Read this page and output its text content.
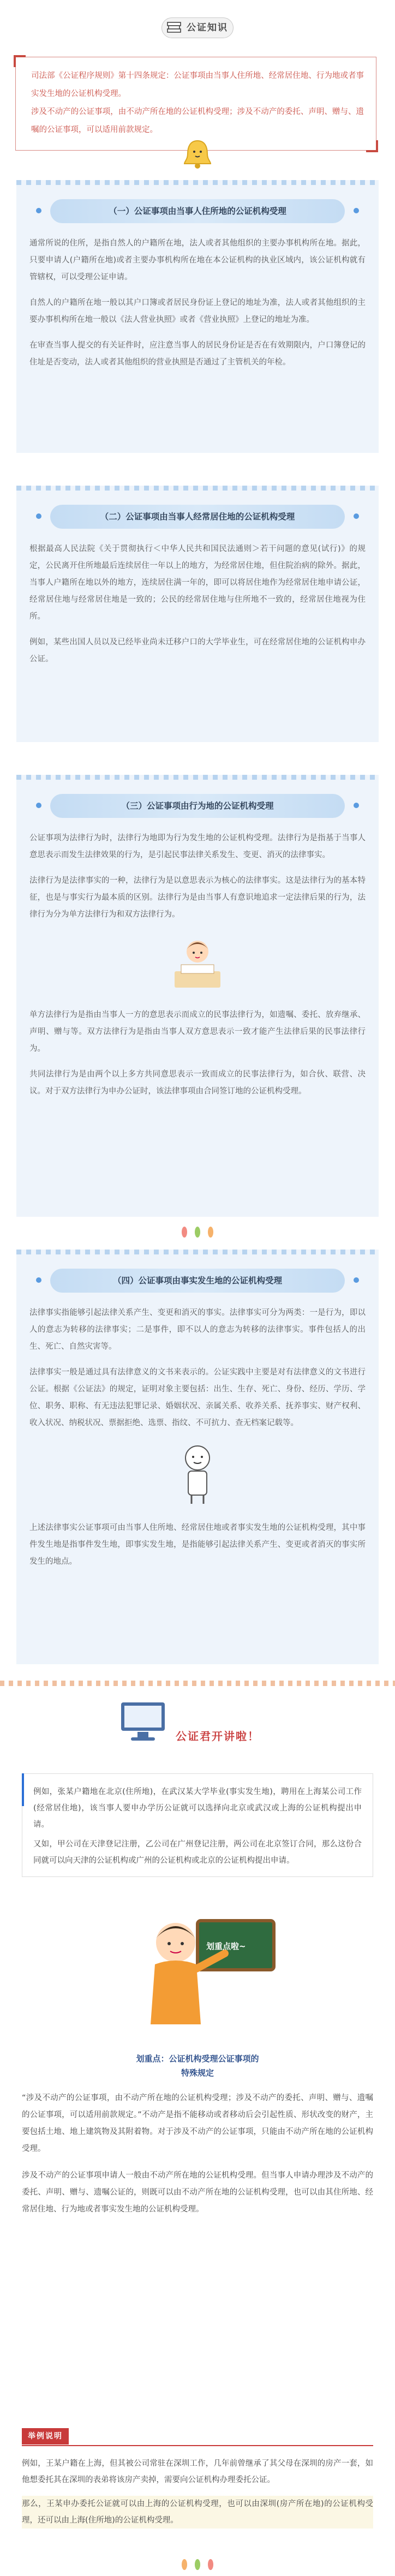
公证知识

司法部《公证程序规则》第十四条规定：公证事项由当事人住所地、经常居住地、行为地或者事实发生地的公证机构受理。

涉及不动产的公证事项，由不动产所在地的公证机构受理；涉及不动产的委托、声明、赠与、遗嘱的公证事项，可以适用前款规定。

（一）公证事项由当事人住所地的公证机构受理

通常所说的住所，是指自然人的户籍所在地，法人或者其他组织的主要办事机构所在地。据此，只要申请人(户籍所在地)或者主要办事机构所在地在本公证机构的执业区域内，该公证机构就有管辖权，可以受理公证申请。

自然人的户籍所在地一般以其户口簿或者居民身份证上登记的地址为准，法人或者其他组织的主要办事机构所在地一般以《法人营业执照》或者《营业执照》上登记的地址为准。

在审查当事人提交的有关证件时，应注意当事人的居民身份证是否在有效期限内，户口簿登记的住址是否变动，法人或者其他组织的营业执照是否通过了主管机关的年检。

（二）公证事项由当事人经常居住地的公证机构受理

根据最高人民法院《关于贯彻执行＜中华人民共和国民法通则＞若干问题的意见(试行)》的规定，公民离开住所地最后连续居住一年以上的地方，为经常居住地，但住院治病的除外。据此，当事人户籍所在地以外的地方，连续居住满一年的，即可以将居住地作为经常居住地申请公证，经常居住地与经常居住地是一致的；公民的经常居住地与住所地不一致的，经常居住地视为住所。

例如，某些出国人员以及已经毕业尚未迁移户口的大学毕业生，可在经常居住地的公证机构申办公证。

（三）公证事项由行为地的公证机构受理

公证事项为法律行为时，法律行为地即为行为发生地的公证机构受理。法律行为是指基于当事人意思表示而发生法律效果的行为，是引起民事法律关系发生、变更、消灭的法律事实。

法律行为是法律事实的一种，法律行为是以意思表示为核心的法律事实。这是法律行为的基本特征，也是与事实行为最本质的区别。法律行为是由当事人有意识地追求一定法律后果的行为，法律行为分为单方法律行为和双方法律行为。

单方法律行为是指由当事人一方的意思表示而成立的民事法律行为，如遗嘱、委托、放弃继承、声明、赠与等。双方法律行为是指由当事人双方意思表示一致才能产生法律后果的民事法律行为。

共同法律行为是由两个以上多方共同意思表示一致而成立的民事法律行为，如合伙、联营、决议。对于双方法律行为申办公证时，该法律事项由合同签订地的公证机构受理。

（四）公证事项由事实发生地的公证机构受理

法律事实指能够引起法律关系产生、变更和消灭的事实。法律事实可分为两类：一是行为，即以人的意志为转移的法律事实；二是事件，即不以人的意志为转移的法律事实。事件包括人的出生、死亡、自然灾害等。

法律事实一般是通过具有法律意义的文书来表示的。公证实践中主要是对有法律意义的文书进行公证。根据《公证法》的规定，证明对象主要包括：出生、生存、死亡、身份、经历、学历、学位、职务、职称、有无违法犯罪记录、婚姻状况、亲属关系、收养关系、抚养事实、财产权利、收入状况、纳税状况、票据拒绝、选票、指纹、不可抗力、查无档案记载等。

上述法律事实公证事项可由当事人住所地、经常居住地或者事实发生地的公证机构受理，其中事件发生地是指事件发生地，即事实发生地，是指能够引起法律关系产生、变更或者消灭的事实所发生的地点。

公证君开讲啦！

例如，张某户籍地在北京(住所地)，在武汉某大学毕业(事实发生地)，聘用在上海某公司工作(经常居住地)，该当事人要申办学历公证就可以选择向北京或武汉或上海的公证机构提出申请。

又如，甲公司在天津登记注册，乙公司在广州登记注册，两公司在北京签订合同，那么这份合同就可以向天津的公证机构或广州的公证机构或北京的公证机构提出申请。

划重点啦~
划重点：公证机构受理公证事项的
特殊规定

“涉及不动产的公证事项，由不动产所在地的公证机构受理；涉及不动产的委托、声明、赠与、遗嘱的公证事项，可以适用前款规定。”不动产是指不能移动或者移动后会引起性质、形状改变的财产，主要包括土地、地上建筑物及其附着物。对于涉及不动产的公证事项，只能由不动产所在地的公证机构受理。

涉及不动产的公证事项申请人一般由不动产所在地的公证机构受理。但当事人申请办理涉及不动产的委托、声明、赠与、遗嘱公证的，则既可以由不动产所在地的公证机构受理，也可以由其住所地、经常居住地、行为地或者事实发生地的公证机构受理。

举例说明

例如，王某户籍在上海，但其被公司常驻在深圳工作，几年前曾继承了其父母在深圳的房产一套，如他想委托其在深圳的表弟将该房产卖掉，需要向公证机构办理委托公证。

那么，王某申办委托公证就可以由上海的公证机构受理，也可以由深圳(房产所在地)的公证机构受理，还可以由上海(住所地)的公证机构受理。
